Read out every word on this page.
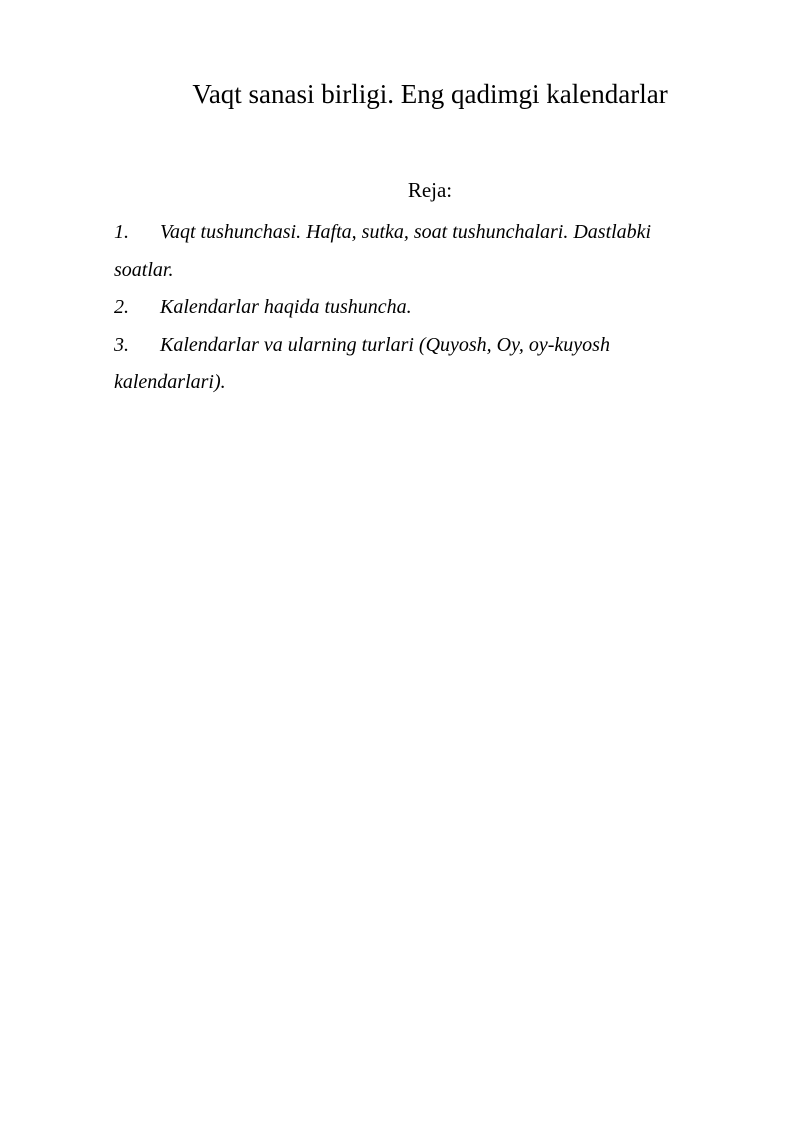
Vaqt sanasi birligi. Eng qadimgi kalendarlar
Reja:
1. Vaqt tushunchasi. Hafta, sutka, soat tushunchalari. Dastlabki soatlar.
2. Kalendarlar haqida tushuncha.
3. Kalendarlar va ularning turlari (Quyosh, Oy, oy-kuyosh kalendarlari).
